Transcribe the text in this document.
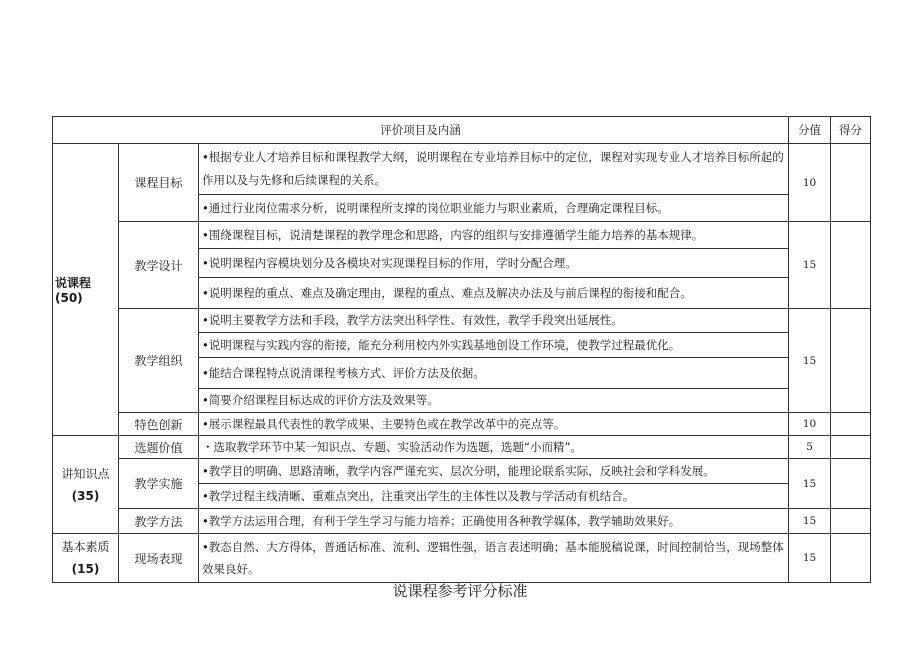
评价项目及内涵			分值	得分
说课程(50)	课程目标	•根据专业人才培养目标和课程教学大纲，说明课程在专业培养目标中的定位，课程对实现专业人才培养目标所起的作用以及与先修和后续课程的关系。
•通过行业岗位需求分析，说明课程所支撑的岗位职业能力与职业素质，合理确定课程目标。	10	
	教学设计	•围绕课程目标，说清楚课程的教学理念和思路，内容的组织与安排遵循学生能力培养的基本规律。
•说明课程内容模块划分及各模块对实现课程目标的作用，学时分配合理。
•说明课程的重点、难点及确定理由，课程的重点、难点及解决办法及与前后课程的衔接和配合。	15	
	教学组织	•说明主要教学方法和手段，教学方法突出科学性、有效性，教学手段突出延展性。
•说明课程与实践内容的衔接，能充分利用校内外实践基地创设工作环境，使教学过程最优化。
•能结合课程特点说清课程考核方式、评价方法及依据。
•简要介绍课程目标达成的评价方法及效果等。	15	
	特色创新	•展示课程最具代表性的教学成果、主要特色或在教学改革中的亮点等。	10	

讲知识点
(35)	选题价值	・选取教学环节中某一知识点、专题、实验活动作为选题，选题“小而精”。	5	
	教学实施	•教学目的明确、思路清晰，教学内容严谨充实、层次分明，能理论联系实际，反映社会和学科发展。
•教学过程主线清晰、重难点突出，注重突出学生的主体性以及教与学活动有机结合。	15	
	教学方法	•教学方法运用合理，有利于学生学习与能力培养；正确使用各种教学媒体，教学辅助效果好。	15	

基本素质
(15)	现场表现	•教态自然、大方得体，普通话标准、流利、逻辑性强，语言表述明确；基本能脱稿说课，时间控制恰当，现场整体效果良好。	15	
说课程参考评分标准
